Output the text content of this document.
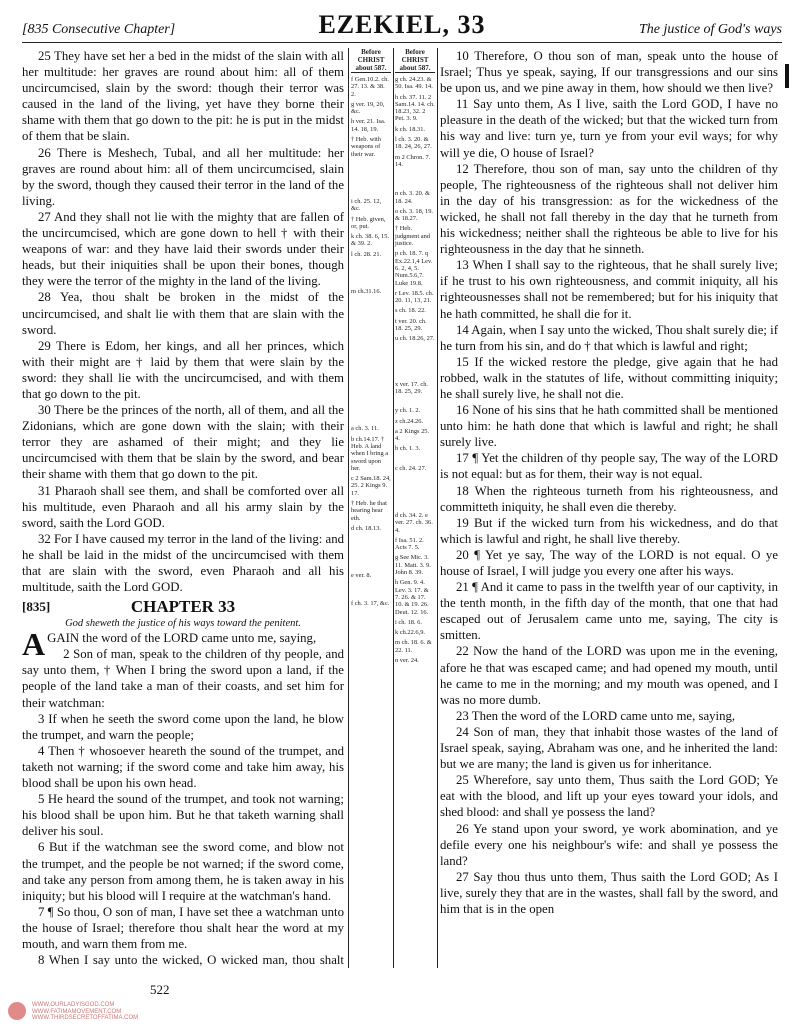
[835 Consecutive Chapter]	EZEKIEL, 33	The justice of God's ways

25 They have set her a bed in the midst of the slain with all her multitude: her graves are round about him: all of them uncircumcised, slain by the sword: though their terror was caused in the land of the living, yet have they borne their shame with them that go down to the pit: he is put in the midst of them that be slain.

26 There is Meshech, Tubal, and all her multitude: her graves are round about him: all of them uncircumcised, slain by the sword, though they caused their terror in the land of the living.

27 And they shall not lie with the mighty that are fallen of the uncircumcised, which are gone down to hell † with their weapons of war: and they have laid their swords under their heads, but their iniquities shall be upon their bones, though they were the terror of the mighty in the land of the living.

28 Yea, thou shalt be broken in the midst of the uncircumcised, and shalt lie with them that are slain with the sword.

29 There is Edom, her kings, and all her princes, which with their might are † laid by them that were slain by the sword: they shall lie with the uncircumcised, and with them that go down to the pit.

30 There be the princes of the north, all of them, and all the Zidonians, which are gone down with the slain; with their terror they are ashamed of their might; and they lie uncircumcised with them that be slain by the sword, and bear their shame with them that go down to the pit.

31 Pharaoh shall see them, and shall be comforted over all his multitude, even Pharaoh and all his army slain by the sword, saith the Lord GOD.

32 For I have caused my terror in the land of the living: and he shall be laid in the midst of the uncircumcised with them that are slain with the sword, even Pharaoh and all his multitude, saith the Lord GOD.

[835]	CHAPTER 33
God sheweth the justice of his ways toward the penitent.

AGAIN the word of the LORD came unto me, saying,

2 Son of man, speak to the children of thy people, and say unto them, † When I bring the sword upon a land, if the people of the land take a man of their coasts, and set him for their watchman:

3 If when he seeth the sword come upon the land, he blow the trumpet, and warn the people;

4 Then † whosoever heareth the sound of the trumpet, and taketh not warning; if the sword come and take him away, his blood shall be upon his own head.

5 He heard the sound of the trumpet, and took not warning; his blood shall be upon him. But he that taketh warning shall deliver his soul.

6 But if the watchman see the sword come, and blow not the trumpet, and the people be not warned; if the sword come, and take any person from among them, he is taken away in his iniquity; but his blood will I require at the watchman's hand.

7 ¶ So thou, O son of man, I have set thee a watchman unto the house of Israel; therefore thou shalt hear the word at my mouth, and warn them from me.

8 When I say unto the wicked, O wicked man, thou shalt

Before CHRIST about 587.
f Gen.10.2. ch. 27. 13. & 38. 2.
g ver. 19, 20, &c.
h ver. 21. Isa. 14. 18, 19.
† Heb. with weapons of their war.
i ch. 25. 12, &c.
† Heb. given, or, put.
k ch. 38. 6, 15. & 39. 2.
l ch. 28. 21.
m ch.31.16.
a ch. 3. 11.
b ch.14.17. † Heb. A land when I bring a sword upon her.
c 2 Sam.18. 24, 25. 2 Kings 9. 17.
† Heb. he that hearing hear eth.
d ch. 18.13.
e ver. 8.
f ch. 3. 17, &c.
Before CHRIST about 587.
g ch. 24.23. & 50. Isa. 49. 14.
h ch. 37. 11. 2 Sam.14. 14. ch. 18.23, 32. 2 Pet. 3. 9.
k ch. 18.31.
l ch. 3. 20. & 18. 24, 26, 27.
m 2 Chron. 7. 14.
n ch. 3. 20. & 18. 24.
o ch. 3. 18, 19. & 18.27.
† Heb. judgment and justice.
p ch. 18. 7. q Ex.22.1,4 Lev. 6. 2, 4, 5. Num.5.6,7. Luke 19.8.
r Lev. 18.5. ch. 20. 11, 13, 21.
s ch. 18. 22.
t ver. 20. ch. 18. 25, 29.
u ch. 18.26, 27.
x ver. 17. ch. 18. 25, 29.
y ch. 1. 2.
z ch.24.26.
a 2 Kings 25. 4.
b ch. 1. 3.
c ch. 24. 27.
d ch. 34. 2. e ver. 27. ch. 36. 4.
f Isa. 51. 2. Acts 7. 5.
g See Mic. 3. 11. Matt. 3. 9. John 8. 39.
h Gen. 9. 4. Lev. 3. 17. & 7. 26. & 17. 10. & 19. 26. Deut. 12. 16.
i ch. 18. 6.
k ch.22.6,9.
m ch. 18. 6. & 22. 11.
n ver. 24.

10 Therefore, O thou son of man, speak unto the house of Israel; Thus ye speak, saying, If our transgressions and our sins be upon us, and we pine away in them, how should we then live?

11 Say unto them, As I live, saith the Lord GOD, I have no pleasure in the death of the wicked; but that the wicked turn from his way and live: turn ye, turn ye from your evil ways; for why will ye die, O house of Israel?

12 Therefore, thou son of man, say unto the children of thy people, The righteousness of the righteous shall not deliver him in the day of his transgression: as for the wickedness of the wicked, he shall not fall thereby in the day that he turneth from his wickedness; neither shall the righteous be able to live for his righteousness in the day that he sinneth.

13 When I shall say to the righteous, that he shall surely live; if he trust to his own righteousness, and commit iniquity, all his righteousnesses shall not be remembered; but for his iniquity that he hath committed, he shall die for it.

14 Again, when I say unto the wicked, Thou shalt surely die; if he turn from his sin, and do † that which is lawful and right;

15 If the wicked restore the pledge, give again that he had robbed, walk in the statutes of life, without committing iniquity; he shall surely live, he shall not die.

16 None of his sins that he hath committed shall be mentioned unto him: he hath done that which is lawful and right; he shall surely live.

17 ¶ Yet the children of thy people say, The way of the LORD is not equal: but as for them, their way is not equal.

18 When the righteous turneth from his righteousness, and committeth iniquity, he shall even die thereby.

19 But if the wicked turn from his wickedness, and do that which is lawful and right, he shall live thereby.

20 ¶ Yet ye say, The way of the LORD is not equal. O ye house of Israel, I will judge you every one after his ways.

21 ¶ And it came to pass in the twelfth year of our captivity, in the tenth month, in the fifth day of the month, that one that had escaped out of Jerusalem came unto me, saying, The city is smitten.

22 Now the hand of the LORD was upon me in the evening, afore he that was escaped came; and had opened my mouth, until he came to me in the morning; and my mouth was opened, and I was no more dumb.

23 Then the word of the LORD came unto me, saying,

24 Son of man, they that inhabit those wastes of the land of Israel speak, saying, Abraham was one, and he inherited the land: but we are many; the land is given us for inheritance.

25 Wherefore, say unto them, Thus saith the Lord GOD; Ye eat with the blood, and lift up your eyes toward your idols, and shed blood: and shall ye possess the land?

26 Ye stand upon your sword, ye work abomination, and ye defile every one his neighbour's wife: and shall ye possess the land?

27 Say thou thus unto them, Thus saith the Lord GOD; As I live, surely they that are in the wastes, shall fall by the sword, and him that is in the open

522
WWW.OURLADYISGOD.COM
WWW.FATIMAMOVEMENT.COM
WWW.THIRDSECRETOFFATIMA.COM
